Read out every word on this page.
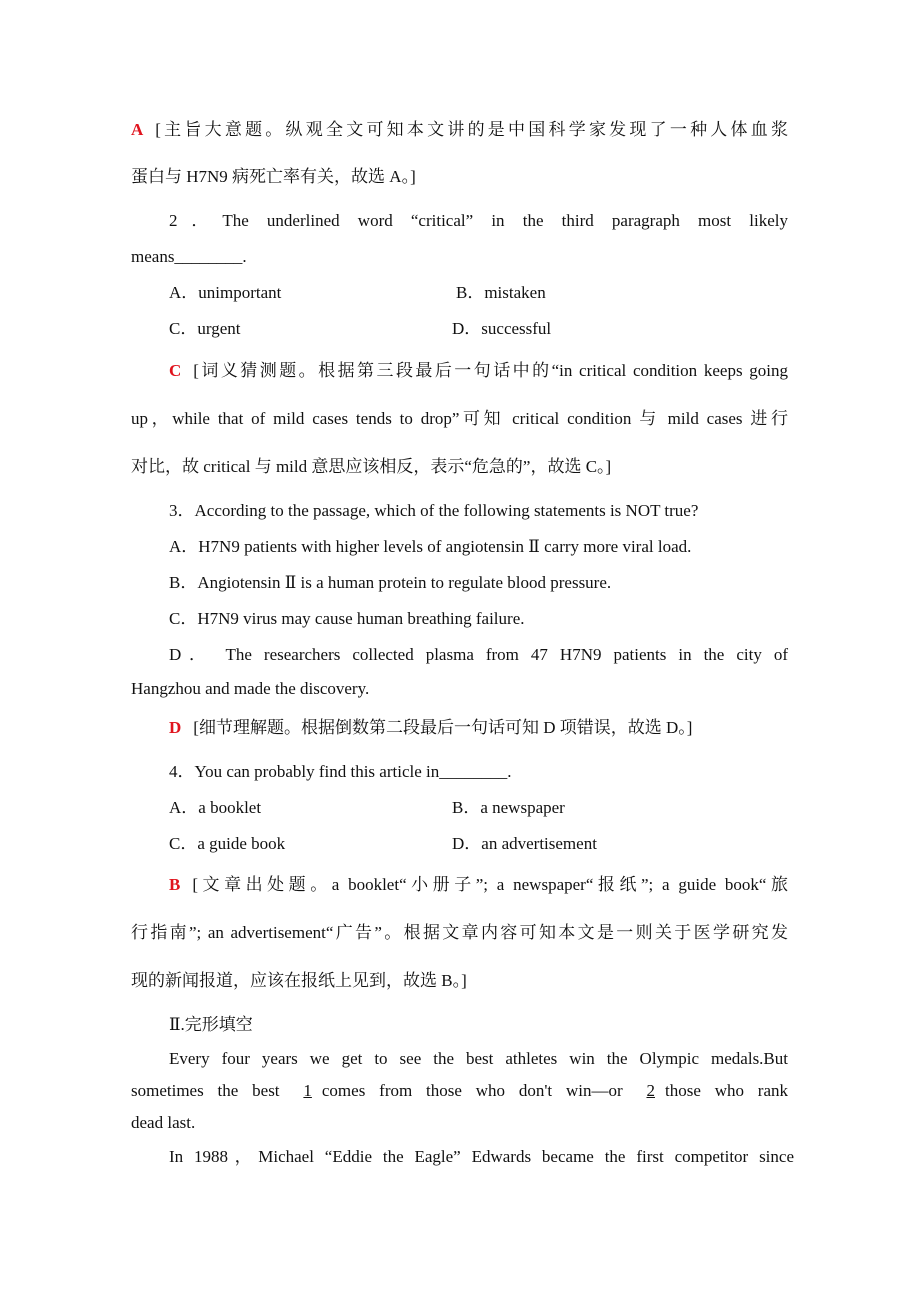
A [主旨大意题。纵观全文可知本文讲的是中国科学家发现了一种人体血浆
蛋白与 H7N9 病死亡率有关，故选 A。]
2．The underlined word “critical” in the third paragraph most likely
means________.
A．unimportant	B．mistaken
C．urgent	D．successful
C [词义猜测题。根据第三段最后一句话中的“in critical condition keeps going
up，while that of mild cases tends to drop”可知 critical condition 与 mild cases 进行
对比，故 critical 与 mild 意思应该相反，表示“危急的”，故选 C。]
3．According to the passage, which of the following statements is NOT true?
A．H7N9 patients with higher levels of angiotensin Ⅱ carry more viral load.
B．Angiotensin Ⅱ is a human protein to regulate blood pressure.
C．H7N9 virus may cause human breathing failure.
D． The researchers collected plasma from 47 H7N9 patients in the city of
Hangzhou and made the discovery.
D [细节理解题。根据倒数第二段最后一句话可知 D 项错误，故选 D。]
4．You can probably find this article in________.
A．a booklet	B．a newspaper
C．a guide book	D．an advertisement
B [文章出处题。a booklet“小册子”; a newspaper“报纸”; a guide book“旅
行指南”; an advertisement“广告”。根据文章内容可知本文是一则关于医学研究发
现的新闻报道，应该在报纸上见到，故选 B。]
Ⅱ.完形填空
Every four years we get to see the best athletes win the Olympic medals.But
sometimes the best 1 comes from those who don't win—or 2 those who rank
dead last.
In 1988，Michael “Eddie the Eagle” Edwards became the first competitor since
